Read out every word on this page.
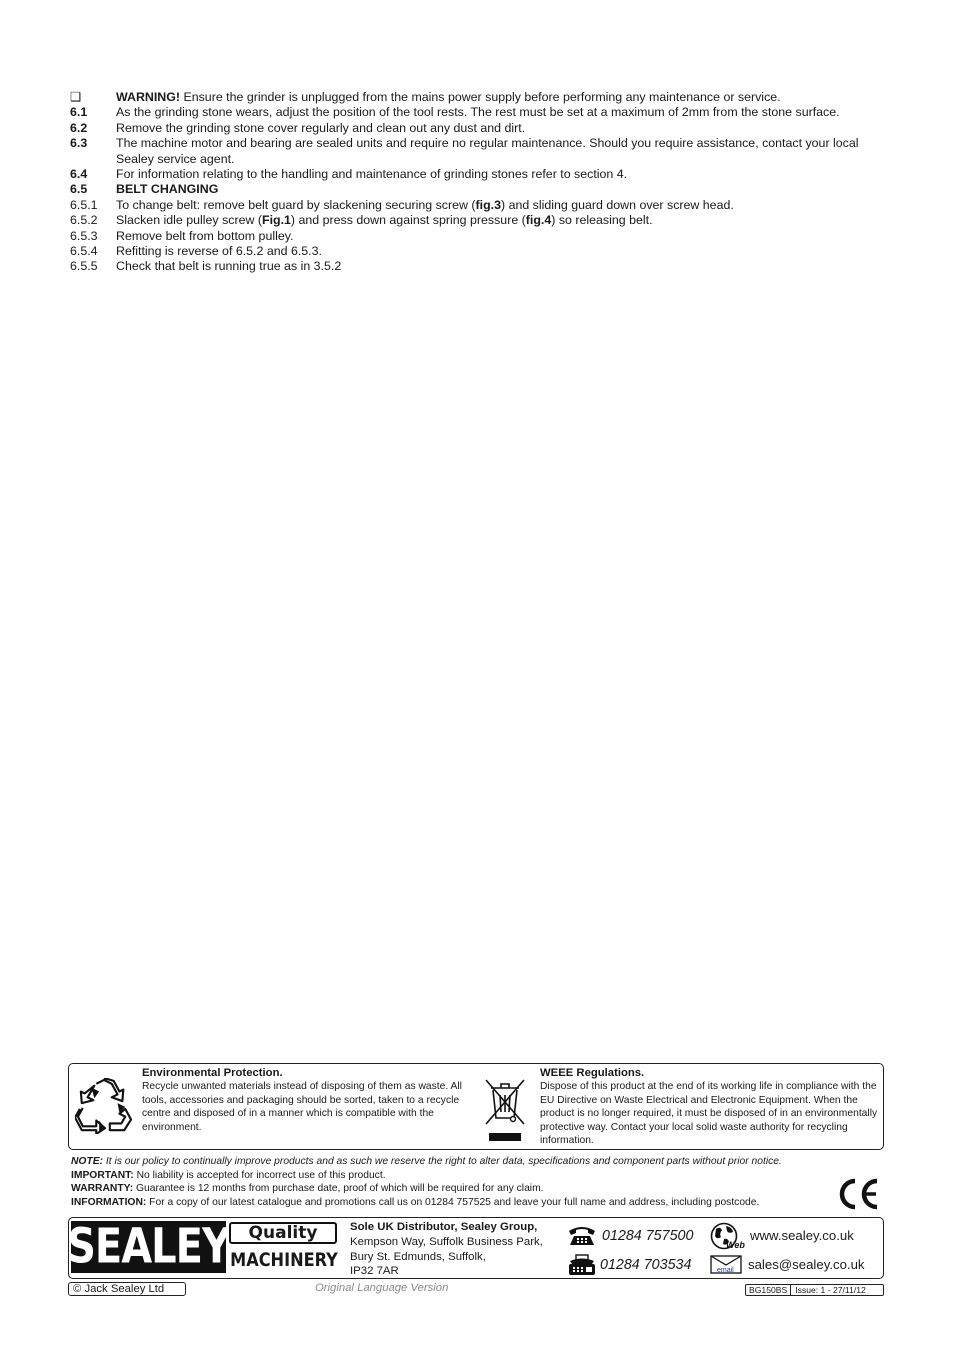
❑	WARNING! Ensure the grinder is unplugged from the mains power supply before performing any maintenance or service.
6.1	As the grinding stone wears, adjust the position of the tool rests. The rest must be set at a maximum of 2mm from the stone surface.
6.2	Remove the grinding stone cover regularly and clean out any dust and dirt.
6.3	The machine motor and bearing are sealed units and require no regular maintenance. Should you require assistance, contact your local Sealey service agent.
6.4	For information relating to the handling and maintenance of grinding stones refer to section 4.
6.5	BELT CHANGING
6.5.1	To change belt: remove belt guard by slackening securing screw (fig.3) and sliding guard down over screw head.
6.5.2	Slacken idle pulley screw (Fig.1) and press down against spring pressure (fig.4) so releasing belt.
6.5.3	Remove belt from bottom pulley.
6.5.4	Refitting is reverse of 6.5.2 and 6.5.3.
6.5.5	Check that belt is running true as in 3.5.2
Environmental Protection.
Recycle unwanted materials instead of disposing of them as waste. All tools, accessories and packaging should be sorted, taken to a recycle centre and disposed of in a manner which is compatible with the environment.
WEEE Regulations.
Dispose of this product at the end of its working life in compliance with the EU Directive on Waste Electrical and Electronic Equipment. When the product is no longer required, it must be disposed of in an environmentally protective way. Contact your local solid waste authority for recycling information.
NOTE: It is our policy to continually improve products and as such we reserve the right to alter data, specifications and component parts without prior notice.
IMPORTANT: No liability is accepted for incorrect use of this product.
WARRANTY: Guarantee is 12 months from purchase date, proof of which will be required for any claim.
INFORMATION: For a copy of our latest catalogue and promotions call us on 01284 757525 and leave your full name and address, including postcode.
SEALEY	Quality
MACHINERY
Sole UK Distributor, Sealey Group,
Kempson Way, Suffolk Business Park,
Bury St. Edmunds, Suffolk,
IP32 7AR
01284 757500
01284 703534
Web
www.sealey.co.uk
email sales@sealey.co.uk
© Jack Sealey Ltd	Original Language Version	BG150BS Issue: 1 - 27/11/12
